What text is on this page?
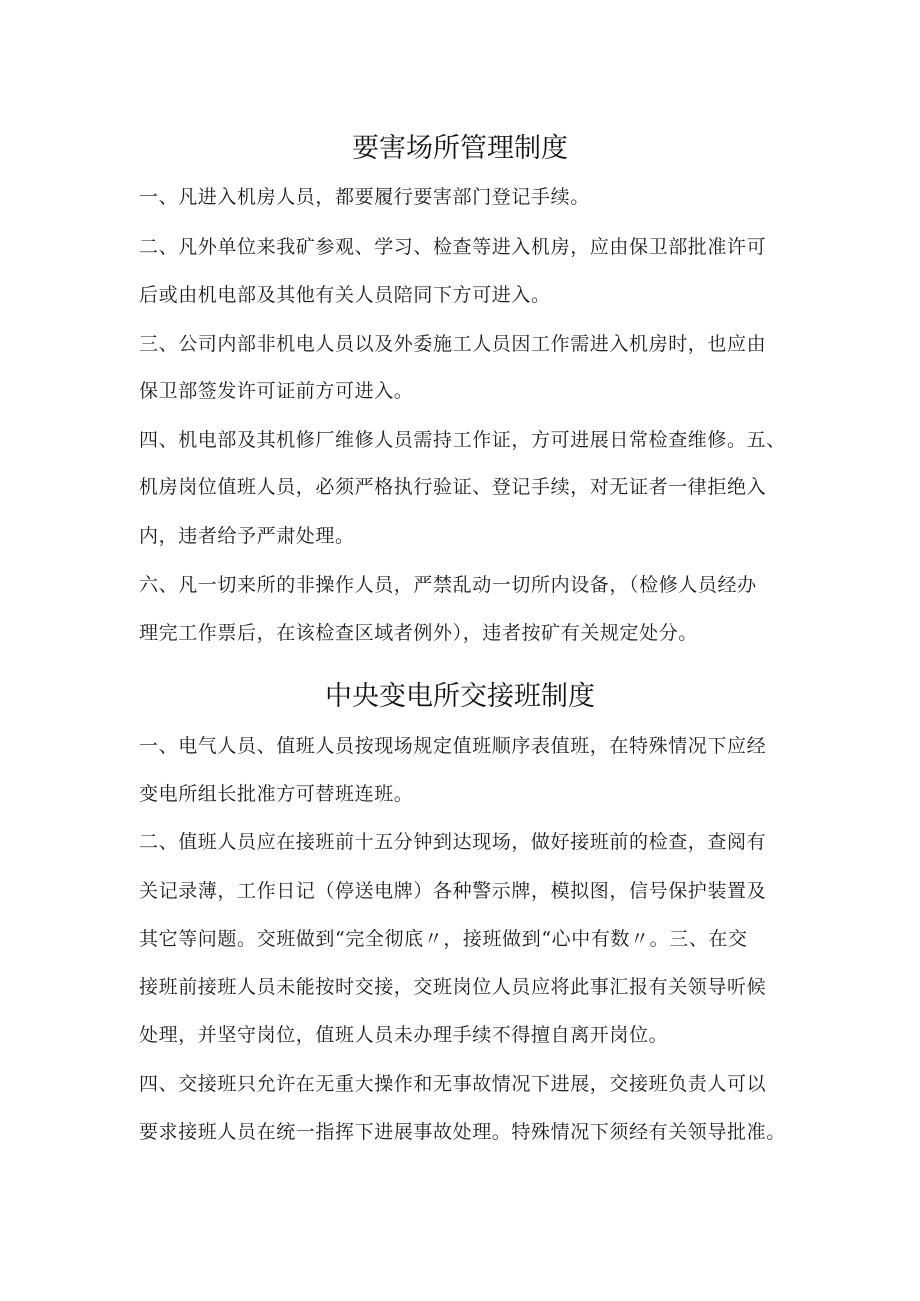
要害场所管理制度
一、凡进入机房人员，都要履行要害部门登记手续。
二、凡外单位来我矿参观、学习、检查等进入机房，应由保卫部批准许可
后或由机电部及其他有关人员陪同下方可进入。
三、公司内部非机电人员以及外委施工人员因工作需进入机房时，也应由
保卫部签发许可证前方可进入。
四、机电部及其机修厂维修人员需持工作证，方可进展日常检查维修。五、
机房岗位值班人员，必须严格执行验证、登记手续，对无证者一律拒绝入
内，违者给予严肃处理。
六、凡一切来所的非操作人员，严禁乱动一切所内设备，（检修人员经办
理完工作票后，在该检查区域者例外），违者按矿有关规定处分。
中央变电所交接班制度
一、电气人员、值班人员按现场规定值班顺序表值班，在特殊情况下应经
变电所组长批准方可替班连班。
二、值班人员应在接班前十五分钟到达现场，做好接班前的检查，查阅有
关记录薄，工作日记（停送电牌）各种警示牌，模拟图，信号保护装置及
其它等问题。交班做到“完全彻底〃，接班做到“心中有数〃。三、在交
接班前接班人员未能按时交接，交班岗位人员应将此事汇报有关领导听候
处理，并坚守岗位，值班人员未办理手续不得擅自离开岗位。
四、交接班只允许在无重大操作和无事故情况下进展，交接班负责人可以
要求接班人员在统一指挥下进展事故处理。特殊情况下须经有关领导批准。
